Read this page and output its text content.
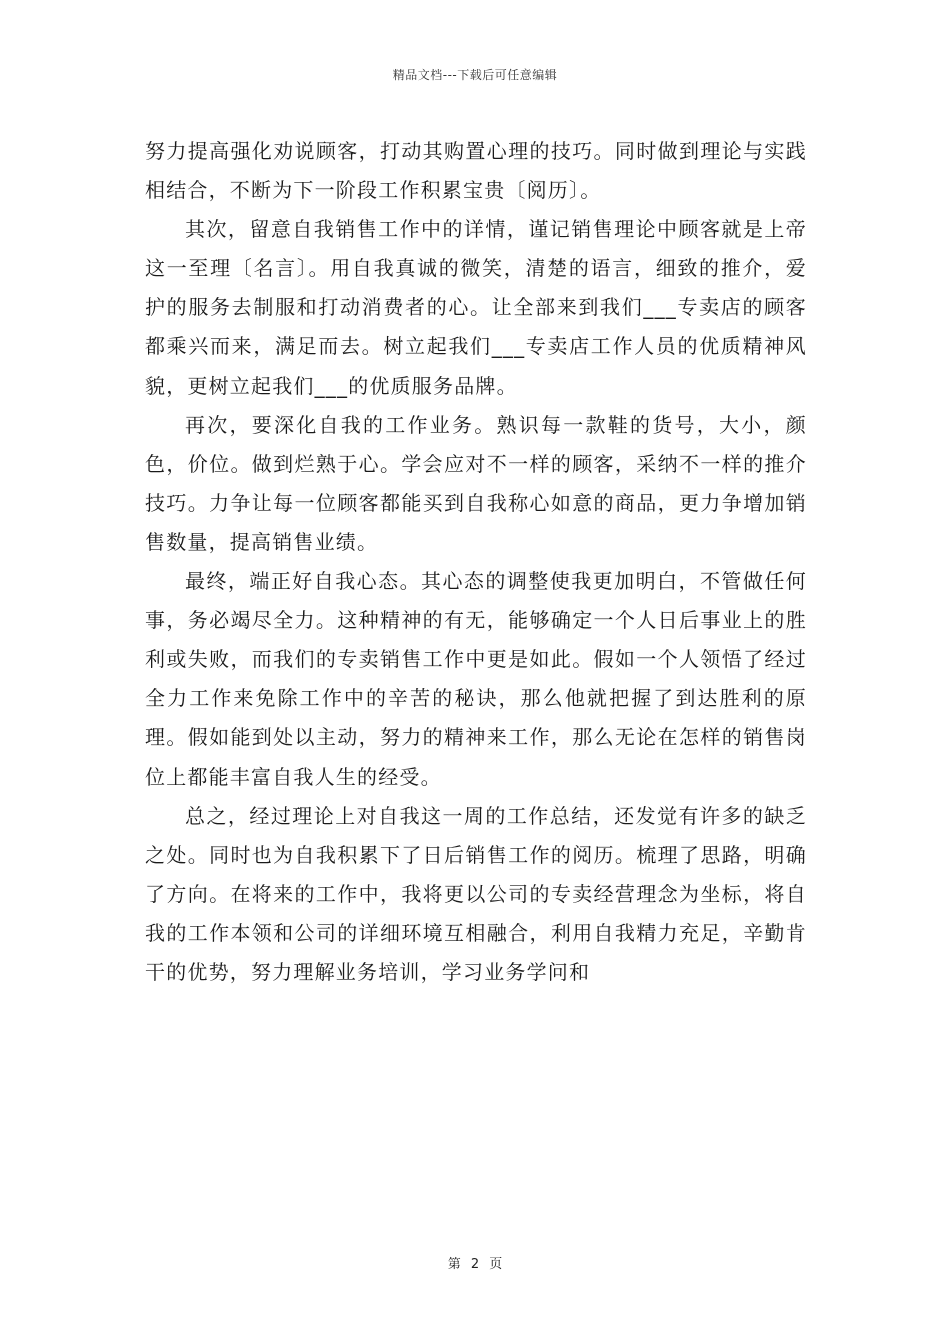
精品文档---下载后可任意编辑

努力提高强化劝说顾客，打动其购置心理的技巧。同时做到理论与实践相结合，不断为下一阶段工作积累宝贵〔阅历〕。

其次，留意自我销售工作中的详情，谨记销售理论中顾客就是上帝这一至理〔名言〕。用自我真诚的微笑，清楚的语言，细致的推介，爱护的服务去制服和打动消费者的心。让全部来到我们___专卖店的顾客都乘兴而来，满足而去。树立起我们___专卖店工作人员的优质精神风貌，更树立起我们___的优质服务品牌。

再次，要深化自我的工作业务。熟识每一款鞋的货号，大小，颜色，价位。做到烂熟于心。学会应对不一样的顾客，采纳不一样的推介技巧。力争让每一位顾客都能买到自我称心如意的商品，更力争增加销售数量，提高销售业绩。

最终，端正好自我心态。其心态的调整使我更加明白，不管做任何事，务必竭尽全力。这种精神的有无，能够确定一个人日后事业上的胜利或失败，而我们的专卖销售工作中更是如此。假如一个人领悟了经过全力工作来免除工作中的辛苦的秘诀，那么他就把握了到达胜利的原理。假如能到处以主动，努力的精神来工作，那么无论在怎样的销售岗位上都能丰富自我人生的经受。

总之，经过理论上对自我这一周的工作总结，还发觉有许多的缺乏之处。同时也为自我积累下了日后销售工作的阅历。梳理了思路，明确了方向。在将来的工作中，我将更以公司的专卖经营理念为坐标，将自我的工作本领和公司的详细环境互相融合，利用自我精力充足，辛勤肯干的优势，努力理解业务培训，学习业务学问和

第 2 页
